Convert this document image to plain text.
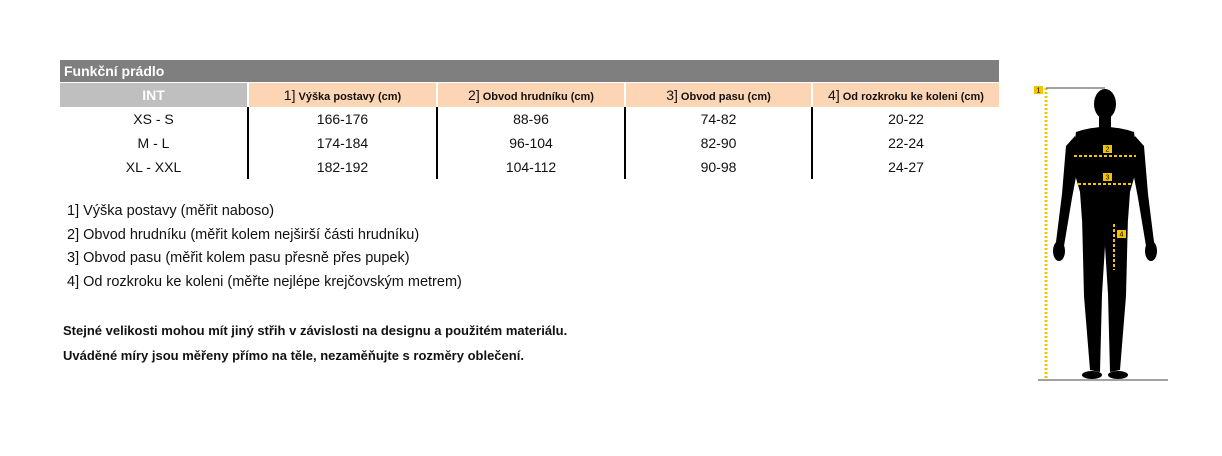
Funkční prádlo
INT	1] Výška postavy (cm)	2] Obvod hrudníku (cm)	3] Obvod pasu (cm)	4] Od rozkroku ke koleni (cm)
XS - S	166-176	88-96	74-82	20-22
M - L	174-184	96-104	82-90	22-24
XL - XXL	182-192	104-112	90-98	24-27
1] Výška postavy (měřit naboso)
2] Obvod hrudníku (měřit kolem nejširší části hrudníku)
3] Obvod pasu (měřit kolem pasu přesně přes pupek)
4] Od rozkroku ke koleni (měřte nejlépe krejčovským metrem)
Stejné velikosti mohou mít jiný střih v závislosti na designu a použitém materiálu.
Uváděné míry jsou měřeny přímo na těle, nezaměňujte s rozměry oblečení.
1
2
3
4
